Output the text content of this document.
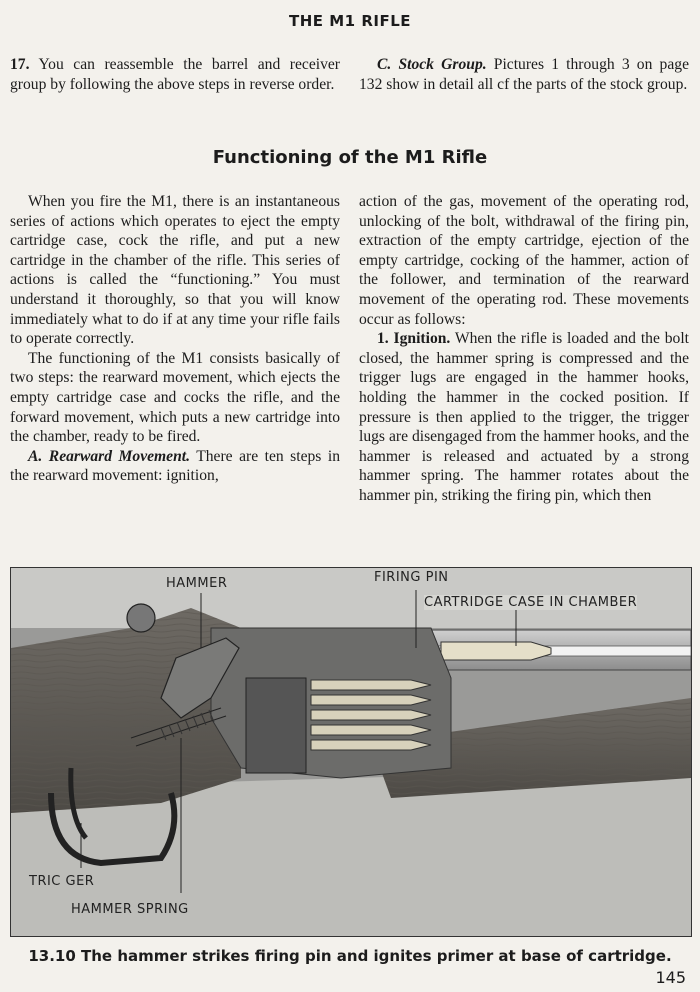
THE M1 RIFLE

17. You can reassemble the barrel and receiver group by following the above steps in reverse order.

C. Stock Group. Pictures 1 through 3 on page 132 show in detail all cf the parts of the stock group.

Functioning of the M1 Rifle

When you fire the M1, there is an instantaneous series of actions which operates to eject the empty cartridge case, cock the rifle, and put a new cartridge in the chamber of the rifle. This series of actions is called the “functioning.” You must understand it thoroughly, so that you will know immediately what to do if at any time your rifle fails to operate correctly.

The functioning of the M1 consists basically of two steps: the rearward movement, which ejects the empty cartridge case and cocks the rifle, and the forward movement, which puts a new cartridge into the chamber, ready to be fired.

A. Rearward Movement. There are ten steps in the rearward movement: ignition,

action of the gas, movement of the operating rod, unlocking of the bolt, withdrawal of the firing pin, extraction of the empty cartridge, ejection of the empty cartridge, cocking of the hammer, action of the follower, and termination of the rearward movement of the operating rod. These movements occur as follows:

1. Ignition. When the rifle is loaded and the bolt closed, the hammer spring is compressed and the trigger lugs are engaged in the hammer hooks, holding the hammer in the cocked position. If pressure is then applied to the trigger, the trigger lugs are disengaged from the hammer hooks, and the hammer is released and actuated by a strong hammer spring. The hammer rotates about the hammer pin, striking the firing pin, which then

HAMMER	FIRING PIN
CARTRIDGE CASE IN CHAMBER
TRIC GER
HAMMER SPRING
13.10 The hammer strikes firing pin and ignites primer at base of cartridge.
145
